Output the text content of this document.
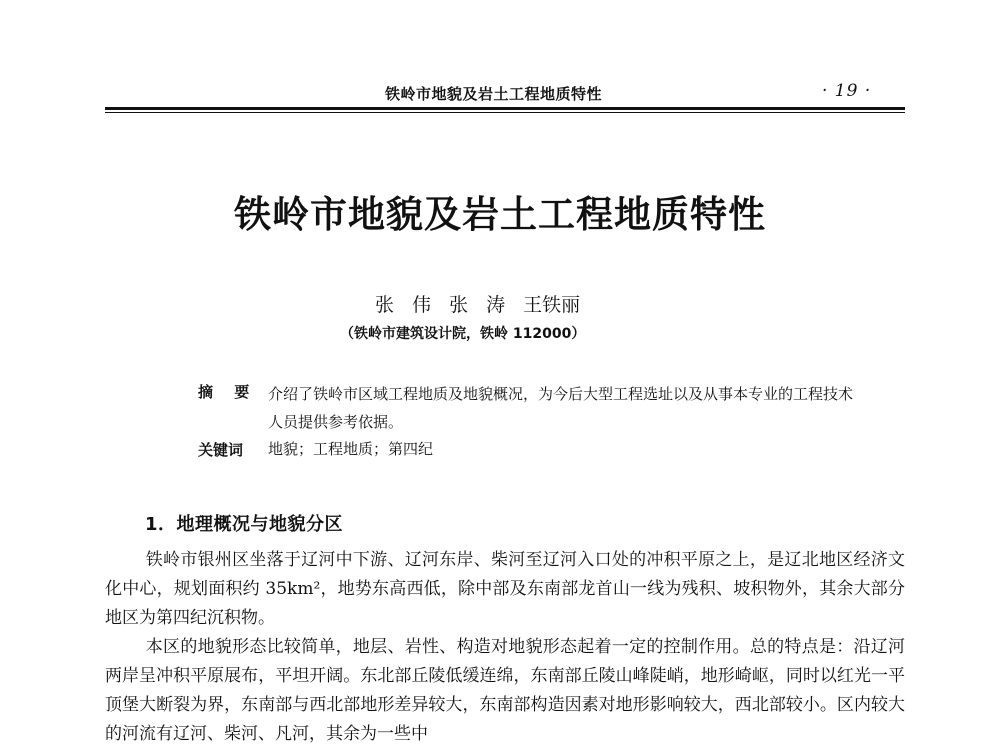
铁岭市地貌及岩土工程地质特性	· 19 ·
铁岭市地貌及岩土工程地质特性
张 伟 张 涛 王铁丽
（铁岭市建筑设计院，铁岭 112000）
摘 要 介绍了铁岭市区域工程地质及地貌概况，为今后大型工程选址以及从事本专业的工程技术人员提供参考依据。
关键词 地貌；工程地质；第四纪
1．地理概况与地貌分区

铁岭市银州区坐落于辽河中下游、辽河东岸、柴河至辽河入口处的冲积平原之上，是辽北地区经济文化中心，规划面积约 35km²，地势东高西低，除中部及东南部龙首山一线为残积、坡积物外，其余大部分地区为第四纪沉积物。

本区的地貌形态比较简单，地层、岩性、构造对地貌形态起着一定的控制作用。总的特点是：沿辽河两岸呈冲积平原展布，平坦开阔。东北部丘陵低缓连绵，东南部丘陵山峰陡峭，地形崎岖，同时以红光一平顶堡大断裂为界，东南部与西北部地形差异较大，东南部构造因素对地形影响较大，西北部较小。区内较大的河流有辽河、柴河、凡河，其余为一些中
